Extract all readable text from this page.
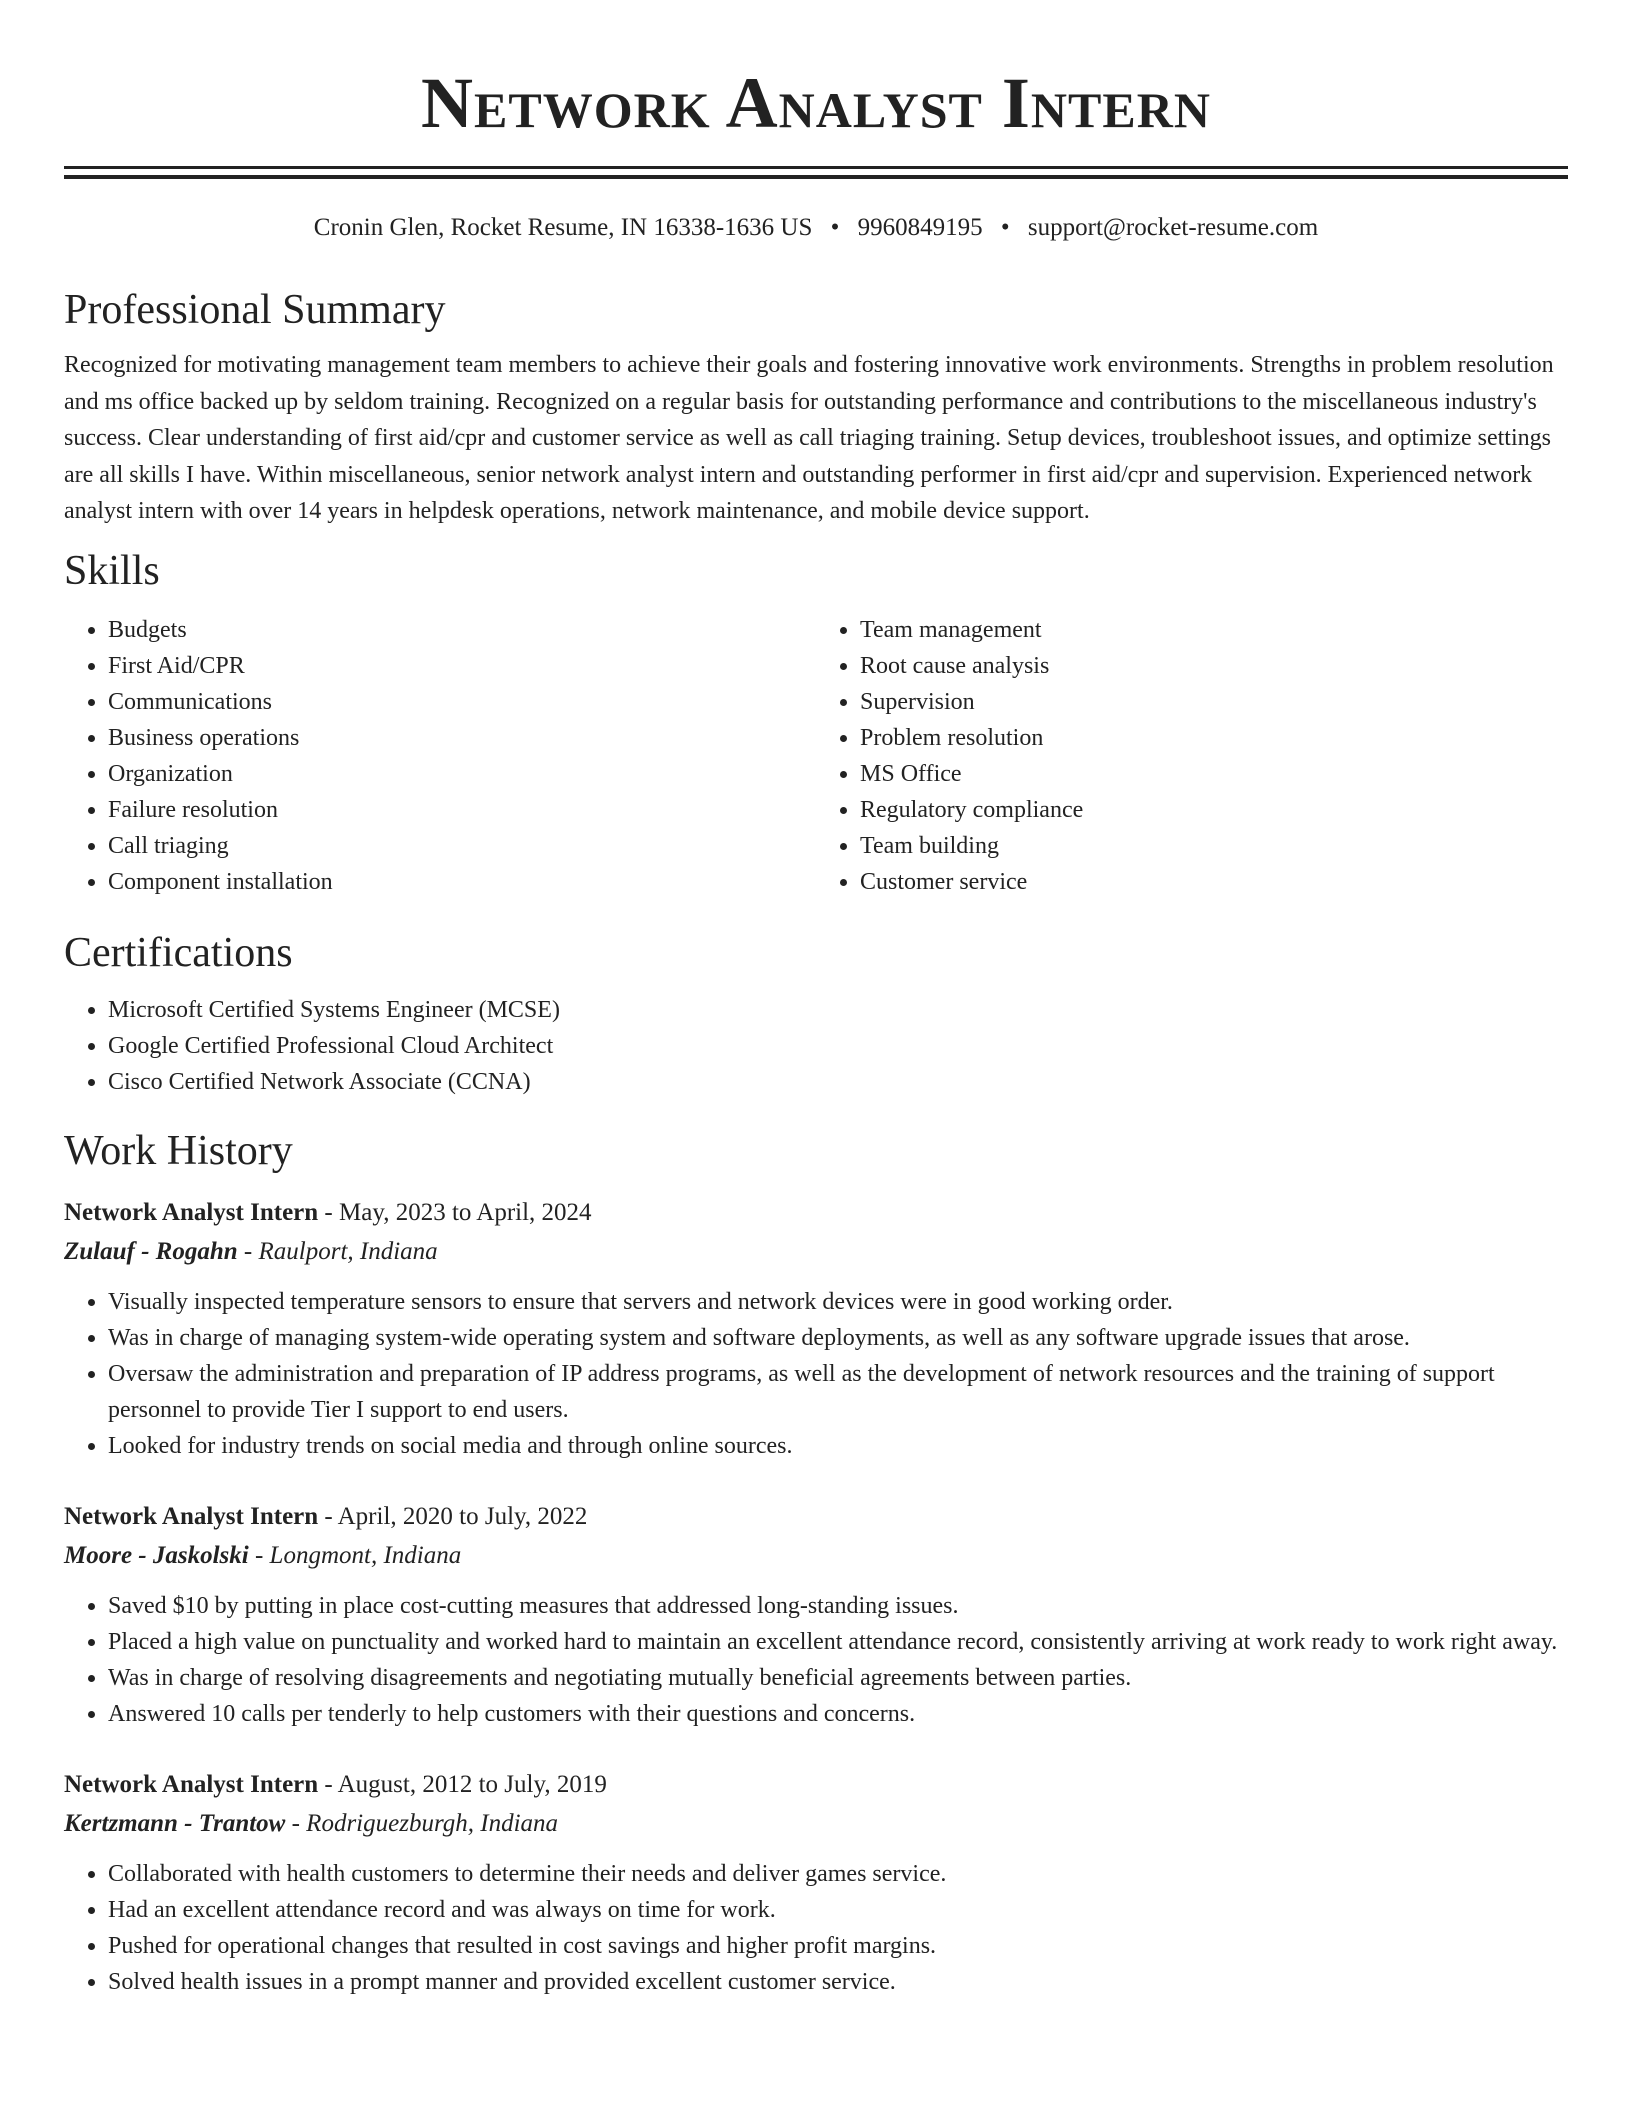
Network Analyst Intern
Cronin Glen, Rocket Resume, IN 16338-1636 US • 9960849195 • support@rocket-resume.com
Professional Summary
Recognized for motivating management team members to achieve their goals and fostering innovative work environments. Strengths in problem resolution and ms office backed up by seldom training. Recognized on a regular basis for outstanding performance and contributions to the miscellaneous industry's success. Clear understanding of first aid/cpr and customer service as well as call triaging training. Setup devices, troubleshoot issues, and optimize settings are all skills I have. Within miscellaneous, senior network analyst intern and outstanding performer in first aid/cpr and supervision. Experienced network analyst intern with over 14 years in helpdesk operations, network maintenance, and mobile device support.
Skills
• Budgets
• First Aid/CPR
• Communications
• Business operations
• Organization
• Failure resolution
• Call triaging
• Component installation
• Team management
• Root cause analysis
• Supervision
• Problem resolution
• MS Office
• Regulatory compliance
• Team building
• Customer service
Certifications
• Microsoft Certified Systems Engineer (MCSE)
• Google Certified Professional Cloud Architect
• Cisco Certified Network Associate (CCNA)
Work History
Network Analyst Intern - May, 2023 to April, 2024
Zulauf - Rogahn - Raulport, Indiana
• Visually inspected temperature sensors to ensure that servers and network devices were in good working order.
• Was in charge of managing system-wide operating system and software deployments, as well as any software upgrade issues that arose.
• Oversaw the administration and preparation of IP address programs, as well as the development of network resources and the training of support personnel to provide Tier I support to end users.
• Looked for industry trends on social media and through online sources.
Network Analyst Intern - April, 2020 to July, 2022
Moore - Jaskolski - Longmont, Indiana
• Saved $10 by putting in place cost-cutting measures that addressed long-standing issues.
• Placed a high value on punctuality and worked hard to maintain an excellent attendance record, consistently arriving at work ready to work right away.
• Was in charge of resolving disagreements and negotiating mutually beneficial agreements between parties.
• Answered 10 calls per tenderly to help customers with their questions and concerns.
Network Analyst Intern - August, 2012 to July, 2019
Kertzmann - Trantow - Rodriguezburgh, Indiana
• Collaborated with health customers to determine their needs and deliver games service.
• Had an excellent attendance record and was always on time for work.
• Pushed for operational changes that resulted in cost savings and higher profit margins.
• Solved health issues in a prompt manner and provided excellent customer service.
